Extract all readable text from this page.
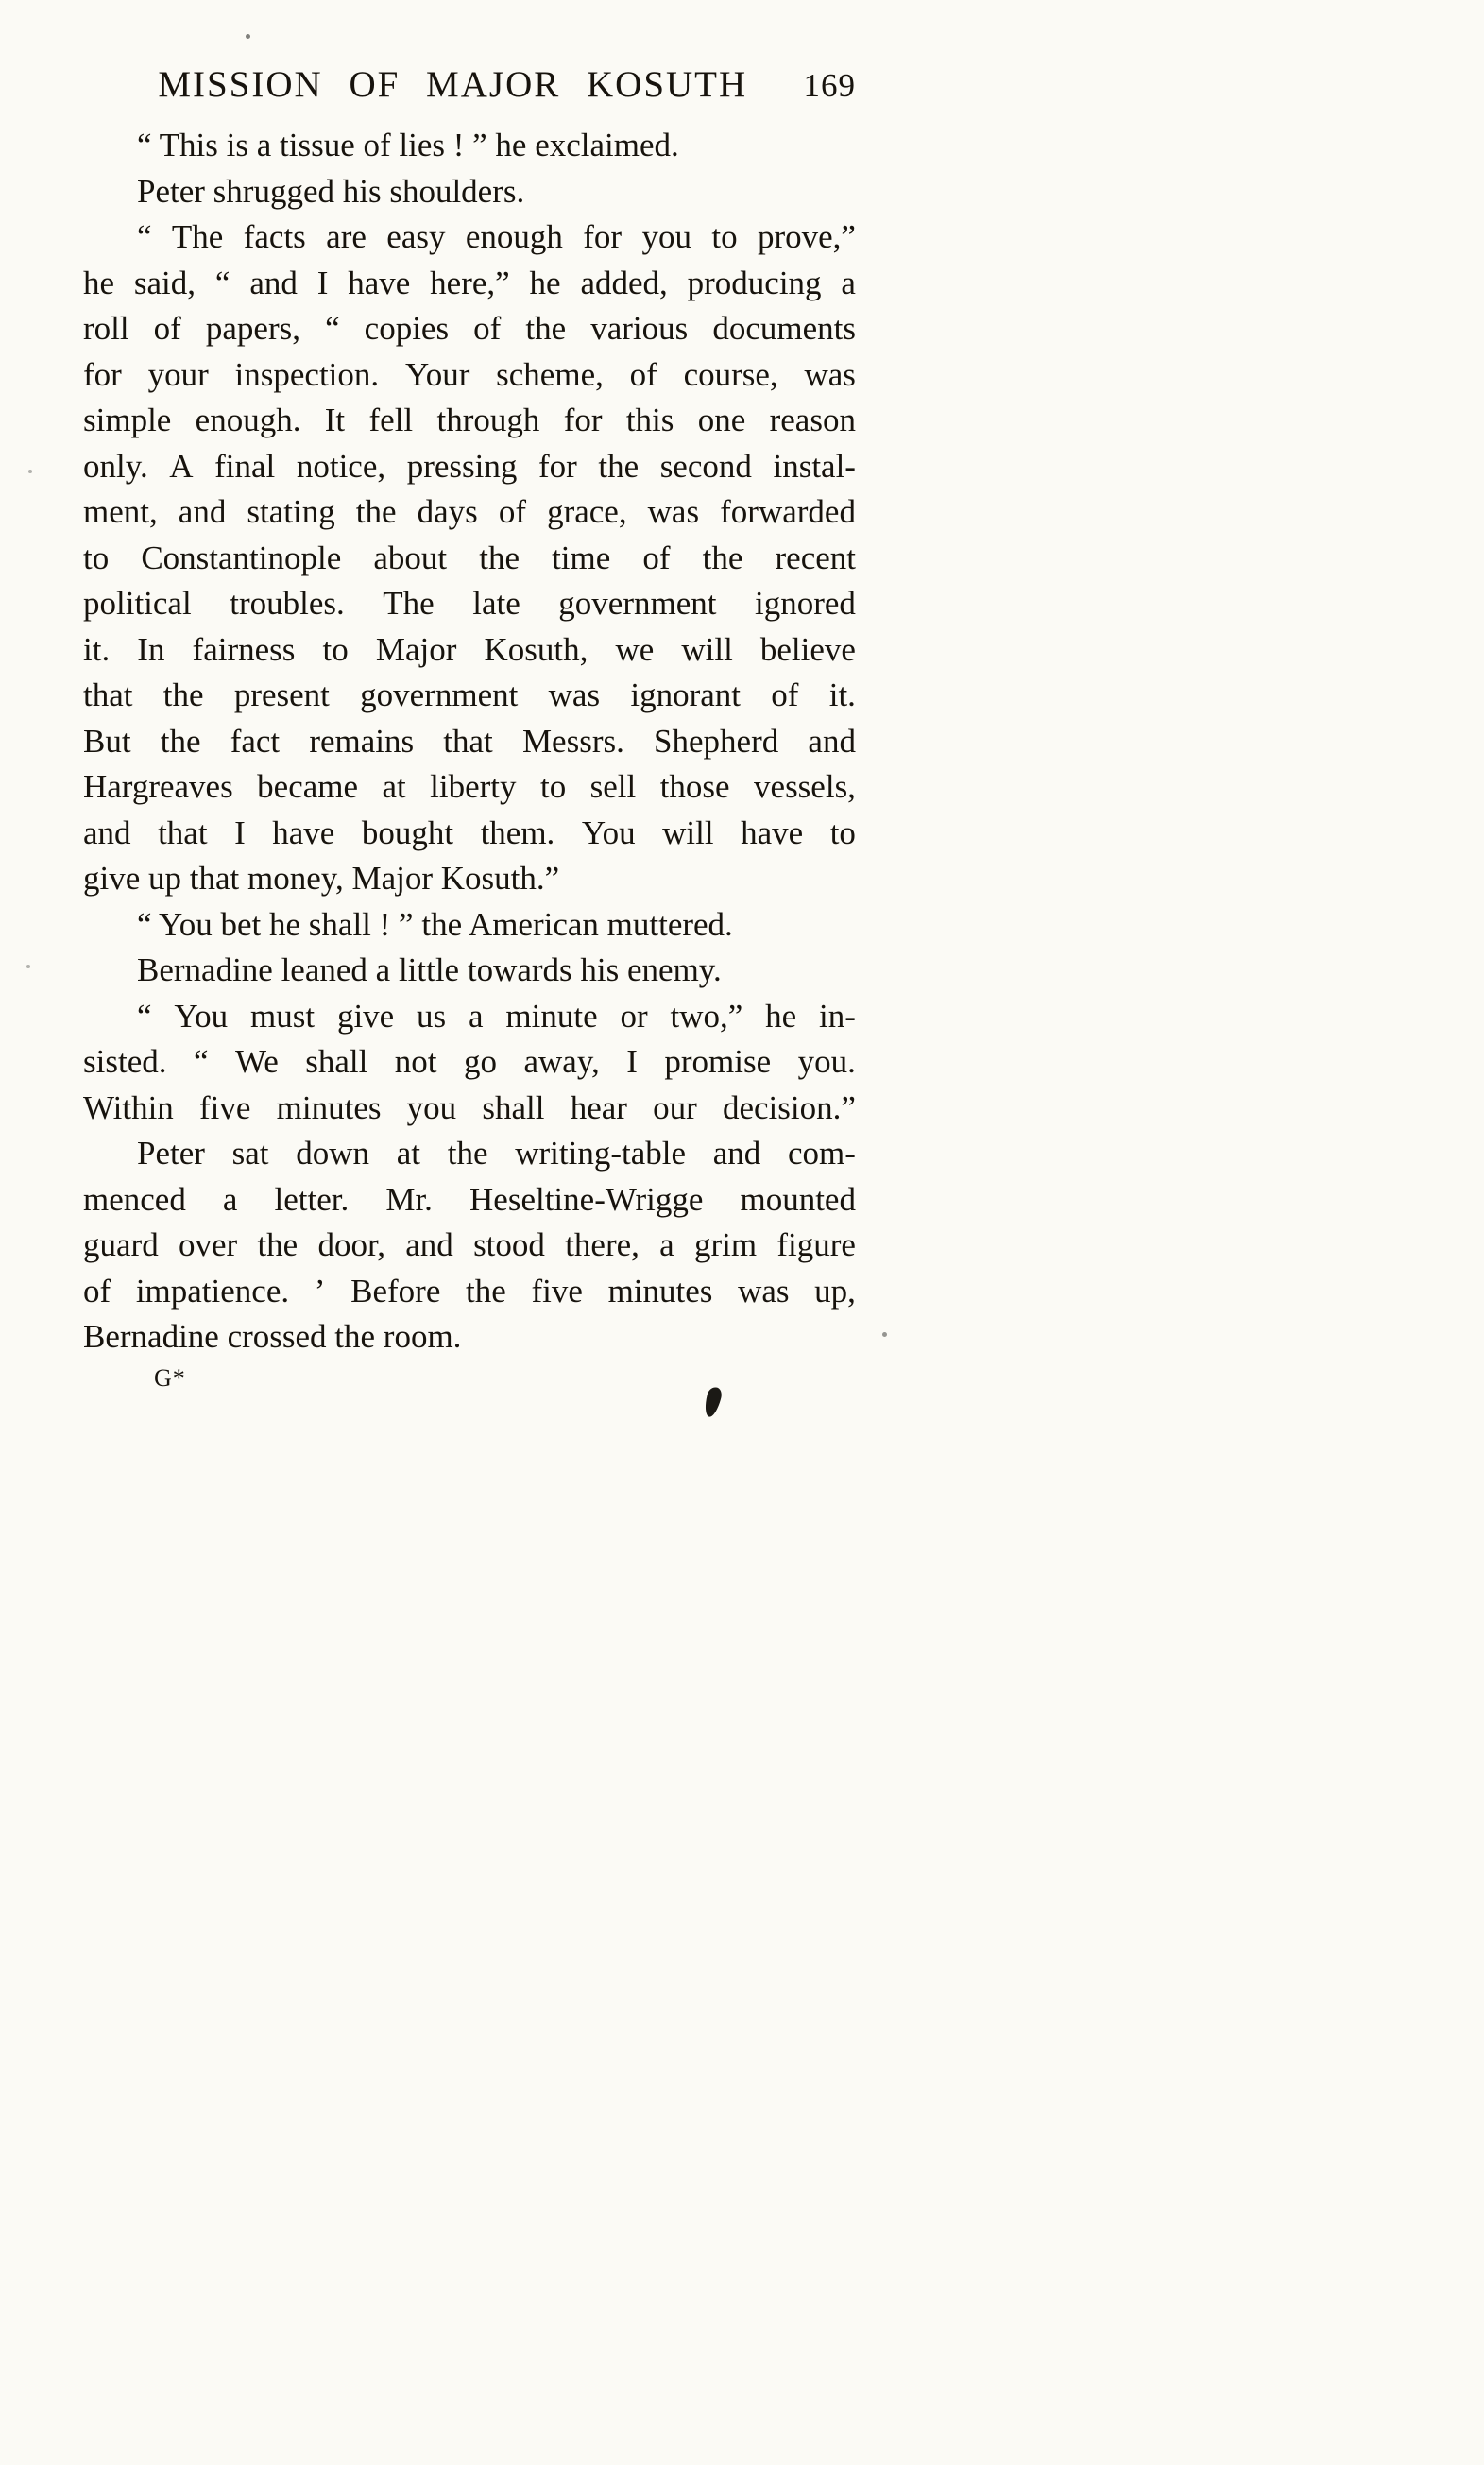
MISSION OF MAJOR KOSUTH	169
“ This is a tissue of lies ! ” he exclaimed.
Peter shrugged his shoulders.
“ The facts are easy enough for you to prove,”
he said, “ and I have here,” he added, producing a
roll of papers, “ copies of the various documents
for your inspection. Your scheme, of course, was
simple enough. It fell through for this one reason
only. A final notice, pressing for the second instal-
ment, and stating the days of grace, was forwarded
to Constantinople about the time of the recent
political troubles. The late government ignored
it. In fairness to Major Kosuth, we will believe
that the present government was ignorant of it.
But the fact remains that Messrs. Shepherd and
Hargreaves became at liberty to sell those vessels,
and that I have bought them. You will have to
give up that money, Major Kosuth.”
“ You bet he shall ! ” the American muttered.
Bernadine leaned a little towards his enemy.
“ You must give us a minute or two,” he in-
sisted. “ We shall not go away, I promise you.
Within five minutes you shall hear our decision.”
Peter sat down at the writing-table and com-
menced a letter. Mr. Heseltine-Wrigge mounted
guard over the door, and stood there, a grim figure
of impatience. ’ Before the five minutes was up,
Bernadine crossed the room.
G*
